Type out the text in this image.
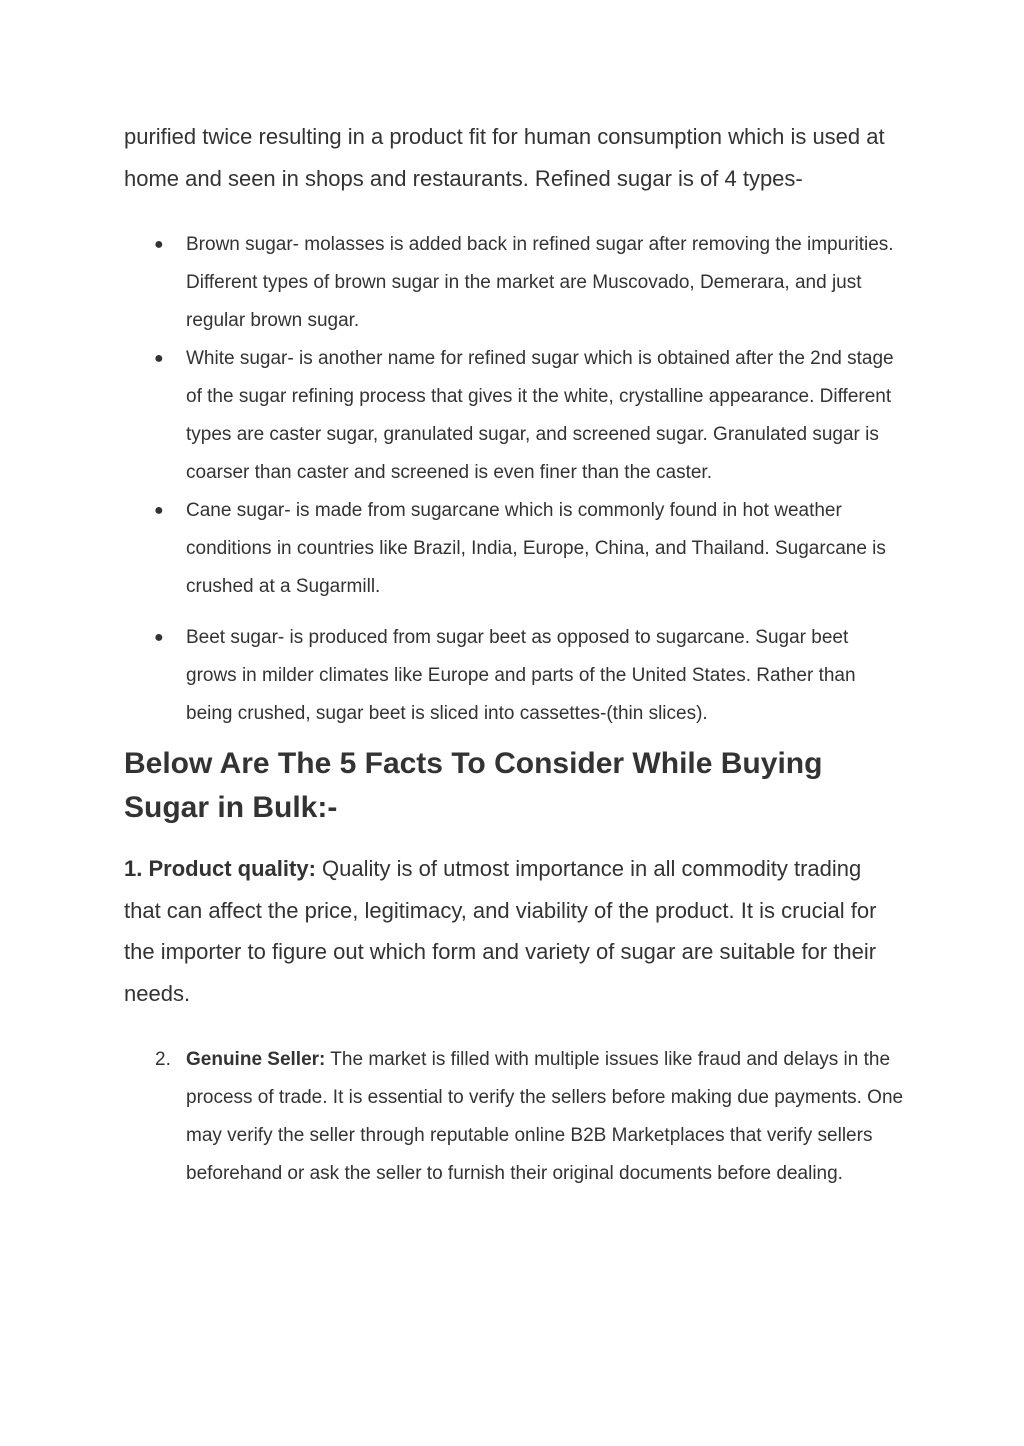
purified twice resulting in a product fit for human consumption which is used at home and seen in shops and restaurants. Refined sugar is of 4 types-

● Brown sugar- molasses is added back in refined sugar after removing the impurities. Different types of brown sugar in the market are Muscovado, Demerara, and just regular brown sugar.
● White sugar- is another name for refined sugar which is obtained after the 2nd stage of the sugar refining process that gives it the white, crystalline appearance. Different types are caster sugar, granulated sugar, and screened sugar. Granulated sugar is coarser than caster and screened is even finer than the caster.
● Cane sugar- is made from sugarcane which is commonly found in hot weather conditions in countries like Brazil, India, Europe, China, and Thailand. Sugarcane is crushed at a Sugarmill.
● Beet sugar- is produced from sugar beet as opposed to sugarcane. Sugar beet grows in milder climates like Europe and parts of the United States. Rather than being crushed, sugar beet is sliced into cassettes-(thin slices).
Below Are The 5 Facts To Consider While Buying Sugar in Bulk:-

1. Product quality: Quality is of utmost importance in all commodity trading that can affect the price, legitimacy, and viability of the product. It is crucial for the importer to figure out which form and variety of sugar are suitable for their needs.

2. Genuine Seller: The market is filled with multiple issues like fraud and delays in the process of trade. It is essential to verify the sellers before making due payments. One may verify the seller through reputable online B2B Marketplaces that verify sellers beforehand or ask the seller to furnish their original documents before dealing.
